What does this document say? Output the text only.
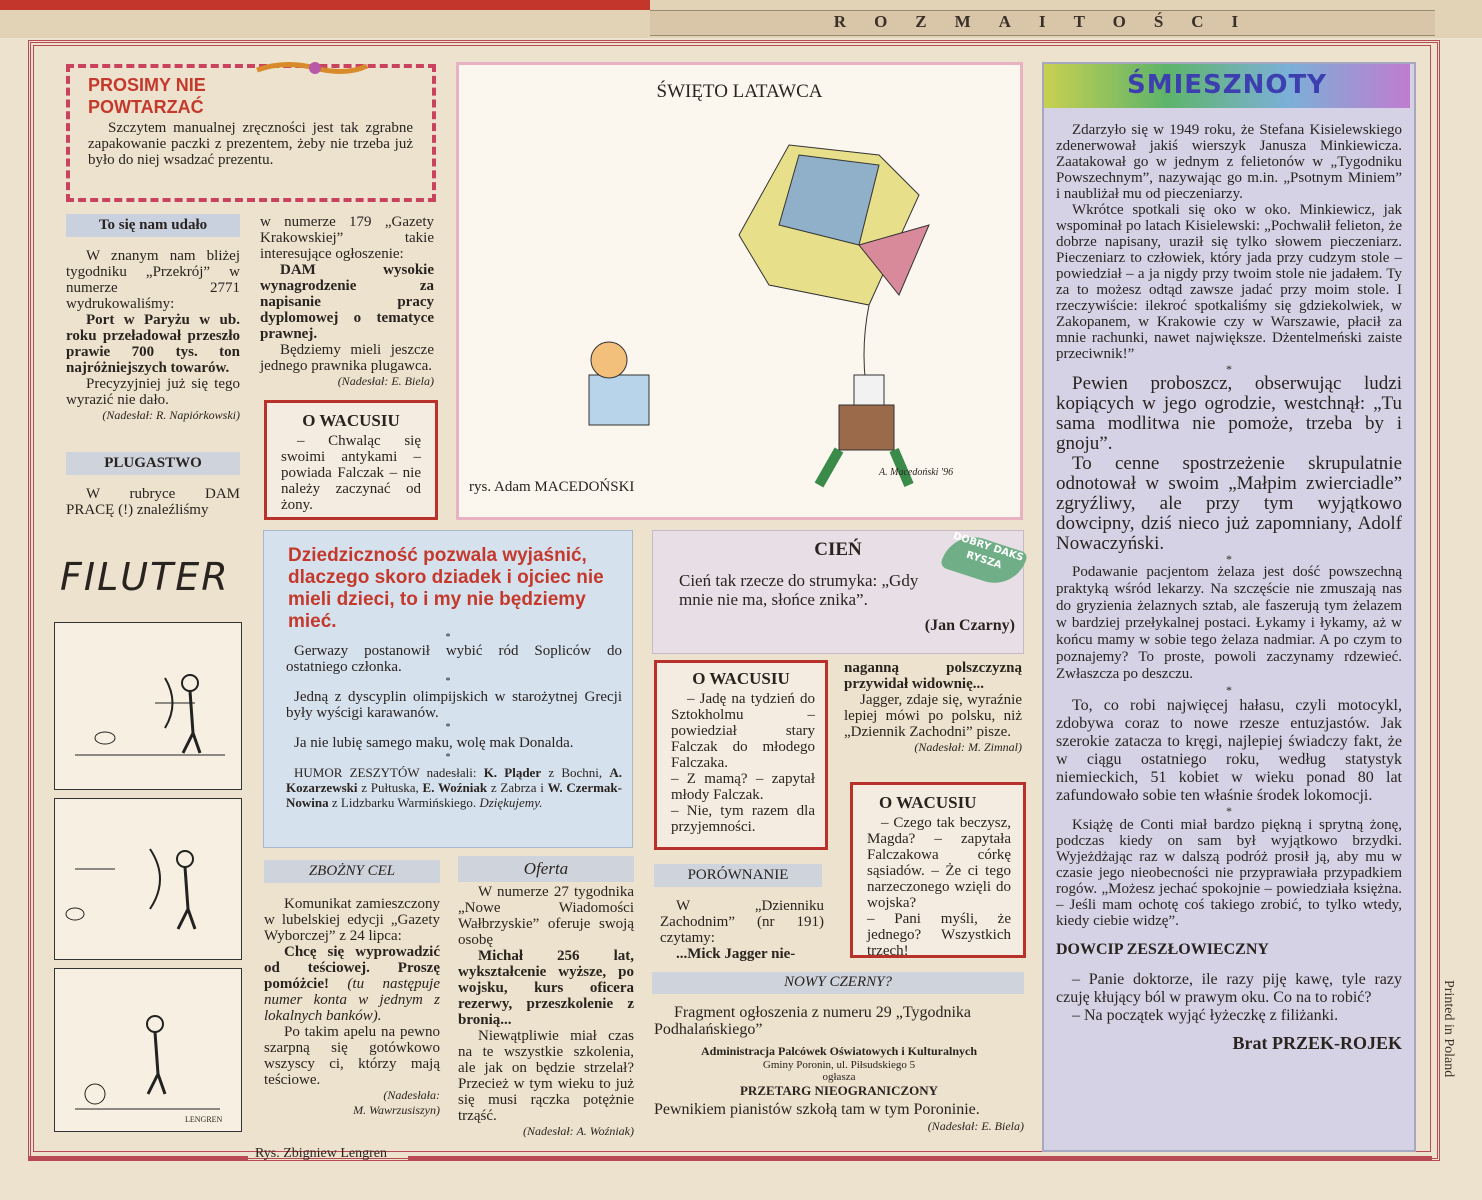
ROZMAITOŚCI
PROSIMY NIE
POWTARZAĆ
Szczytem manualnej zręczności jest tak zgrabne zapakowanie paczki z prezentem, żeby nie trzeba już było do niej wsadzać prezentu.
To się nam udało
W znanym nam bliżej tygodniku „Przekrój” w numerze 2771 wydrukowaliśmy:
Port w Paryżu w ub. roku przeładował przeszło prawie 700 tys. ton najróżniejszych towarów.
Precyzyjniej już się tego wyrazić nie dało.
(Nadesłał: R. Napiórkowski)
w numerze 179 „Gazety Krakowskiej” takie interesujące ogłoszenie:
DAM wysokie wynagrodzenie za napisanie pracy dyplomowej o tematyce prawnej.
Będziemy mieli jeszcze jednego prawnika plugawca.
(Nadesłał: E. Biela)
O WACUSIU
– Chwaląc się swoimi antykami – powiada Falczak – nie należy zaczynać od żony.
PLUGASTWO
W rubryce DAM PRACĘ (!) znaleźliśmy
FILUTER
LENGREN
ŚWIĘTO LATAWCA
rys. Adam MACEDOŃSKI
A. Macedoński '96
ŚMIESZNOTY
Zdarzyło się w 1949 roku, że Stefana Kisielewskiego zdenerwował jakiś wierszyk Janusza Minkiewicza. Zaatakował go w jednym z felietonów w „Tygodniku Powszechnym”, nazywając go m.in. „Psotnym Miniem” i naubliżał mu od pieczeniarzy.
Wkrótce spotkali się oko w oko. Minkiewicz, jak wspominał po latach Kisielewski: „Pochwalił felieton, że dobrze napisany, uraził się tylko słowem pieczeniarz. Pieczeniarz to człowiek, który jada przy cudzym stole – powiedział – a ja nigdy przy twoim stole nie jadałem. Ty za to możesz odtąd zawsze jadać przy moim stole. I rzeczywiście: ilekroć spotkaliśmy się gdziekolwiek, w Zakopanem, w Krakowie czy w Warszawie, płacił za mnie rachunki, nawet największe. Dżentelmeński zaiste przeciwnik!”
*
Pewien proboszcz, obserwując ludzi kopiących w jego ogrodzie, westchnął: „Tu sama modlitwa nie pomoże, trzeba by i gnoju”.
To cenne spostrzeżenie skrupulatnie odnotował w swoim „Małpim zwierciadle” zgryźliwy, ale przy tym wyjątkowo dowcipny, dziś nieco już zapomniany, Adolf Nowaczyński.
*
Podawanie pacjentom żelaza jest dość powszechną praktyką wśród lekarzy. Na szczęście nie zmuszają nas do gryzienia żelaznych sztab, ale faszerują tym żelazem w bardziej przełykalnej postaci. Łykamy i łykamy, aż w końcu mamy w sobie tego żelaza nadmiar. A po czym to poznajemy? To proste, powoli zaczynamy rdzewieć. Zwłaszcza po deszczu.
*
To, co robi najwięcej hałasu, czyli motocykl, zdobywa coraz to nowe rzesze entuzjastów. Jak szerokie zatacza to kręgi, najlepiej świadczy fakt, że w ciągu ostatniego roku, według statystyk niemieckich, 51 kobiet w wieku ponad 80 lat zafundowało sobie ten właśnie środek lokomocji.
*
Książę de Conti miał bardzo piękną i sprytną żonę, podczas kiedy on sam był wyjątkowo brzydki. Wyjeżdżając raz w dalszą podróż prosił ją, aby mu w czasie jego nieobecności nie przyprawiała przypadkiem rogów. „Możesz jechać spokojnie – powiedziała księżna. – Jeśli mam ochotę coś takiego zrobić, to tylko wtedy, kiedy ciebie widzę”.
DOWCIP ZESZŁOWIECZNY
– Panie doktorze, ile razy piję kawę, tyle razy czuję kłujący ból w prawym oku. Co na to robić?
– Na początek wyjąć łyżeczkę z filiżanki.
Brat PRZEK-ROJEK
Dziedziczność pozwala wyjaśnić, dlaczego skoro dziadek i ojciec nie mieli dzieci, to i my nie będziemy mieć.
*
Gerwazy postanowił wybić ród Sopliców do ostatniego członka.
*
Jedną z dyscyplin olimpijskich w starożytnej Grecji były wyścigi karawanów.
*
Ja nie lubię samego maku, wolę mak Donalda.
*
HUMOR ZESZYTÓW nadesłali: K. Pląder z Bochni, A. Kozarzewski z Pułtuska, E. Woźniak z Zabrza i W. Czermak-Nowina z Lidzbarku Warmińskiego. Dziękujemy.
CIEŃ
Cień tak rzecze do strumyka: „Gdy mnie nie ma, słońce znika”.
(Jan Czarny)
DOBRY DAKS RYSZA
O WACUSIU
– Jadę na tydzień do Sztokholmu – powiedział stary Falczak do młodego Falczaka.
– Z mamą? – zapytał młody Falczak.
– Nie, tym razem dla przyjemności.
naganną polszczyzną przywidał widownię...
Jagger, zdaje się, wyraźnie lepiej mówi po polsku, niż „Dziennik Zachodni” pisze.
(Nadesłał: M. Zimnal)
O WACUSIU
– Czego tak beczysz, Magda? – zapytała Falczakowa córkę sąsiadów. – Że ci tego narzeczonego wzięli do wojska?
– Pani myśli, że jednego? Wszystkich trzech!
PORÓWNANIE
W „Dzienniku Zachodnim” (nr 191) czytamy:
...Mick Jagger nie-
ZBOŻNY CEL
Komunikat zamieszczony w lubelskiej edycji „Gazety Wyborczej” z 24 lipca:
Chcę się wyprowadzić od teściowej. Proszę pomóżcie! (tu następuje numer konta w jednym z lokalnych banków).
Po takim apelu na pewno szarpną się gotówkowo wszyscy ci, którzy mają teściowe.
(Nadesłała:
M. Wawrzusiszyn)
Oferta
W numerze 27 tygodnika „Nowe Wiadomości Wałbrzyskie” oferuje swoją osobę
Michał 256 lat, wykształcenie wyższe, po wojsku, kurs oficera rezerwy, przeszkolenie z bronią...
Niewątpliwie miał czas na te wszystkie szkolenia, ale jak on będzie strzelał? Przecież w tym wieku to już się musi rączka potężnie trząść.
(Nadesłał: A. Woźniak)
NOWY CZERNY?
Fragment ogłoszenia z numeru 29 „Tygodnika Podhalańskiego”
Administracja Palcówek Oświatowych i Kulturalnych
Gminy Poronin, ul. Piłsudskiego 5
ogłasza
PRZETARG NIEOGRANICZONY
Pewnikiem pianistów szkołą tam w tym Poroninie.
(Nadesłał: E. Biela)
Rys. Zbigniew Lengren
Printed in Poland
